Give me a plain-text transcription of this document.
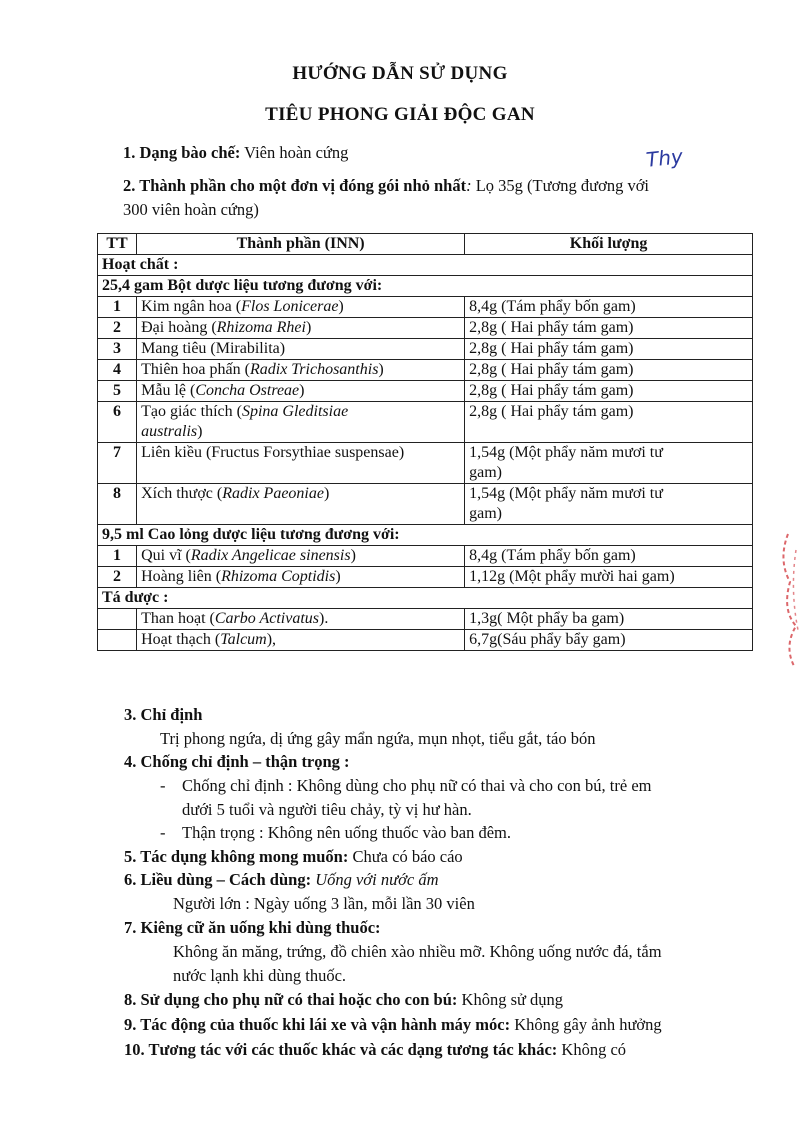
HƯỚNG DẪN SỬ DỤNG
TIÊU PHONG GIẢI ĐỘC GAN
Thy
1. Dạng bào chế: Viên hoàn cứng
2. Thành phần cho một đơn vị đóng gói nhỏ nhất: Lọ 35g (Tương đương với
300 viên hoàn cứng)
TT	Thành phần (INN)	Khối lượng
Hoạt chất :		
25,4 gam Bột dược liệu tương đương với:		
1	Kim ngân hoa (Flos Lonicerae)	8,4g (Tám phẩy bốn gam)
2	Đại hoàng (Rhizoma Rhei)	2,8g ( Hai phẩy tám gam)
3	Mang tiêu (Mirabilita)	2,8g ( Hai phẩy tám gam)
4	Thiên hoa phấn (Radix Trichosanthis)	2,8g ( Hai phẩy tám gam)
5	Mẫu lệ (Concha Ostreae)	2,8g ( Hai phẩy tám gam)
6	Tạo giác thích (Spina Gleditsiae
australis)	2,8g ( Hai phẩy tám gam)
7	Liên kiều (Fructus Forsythiae suspensae)	1,54g (Một phẩy năm mươi tư
gam)
8	Xích thược (Radix Paeoniae)	1,54g (Một phẩy năm mươi tư
gam)
9,5 ml Cao lỏng dược liệu tương đương với:		
1	Qui vĩ (Radix Angelicae sinensis)	8,4g (Tám phẩy bốn gam)
2	Hoàng liên (Rhizoma Coptidis)	1,12g (Một phẩy mười hai gam)
Tá dược :		
	Than hoạt (Carbo Activatus).	1,3g( Một phẩy ba gam)
	Hoạt thạch (Talcum),	6,7g(Sáu phẩy bẩy gam)
3. Chỉ định
Trị phong ngứa, dị ứng gây mẩn ngứa, mụn nhọt, tiểu gắt, táo bón
4. Chống chỉ định – thận trọng :
- Chống chỉ định : Không dùng cho phụ nữ có thai và cho con bú, trẻ em
dưới 5 tuổi và người tiêu chảy, tỳ vị hư hàn.
- Thận trọng : Không nên uống thuốc vào ban đêm.
5. Tác dụng không mong muốn: Chưa có báo cáo
6. Liều dùng – Cách dùng: Uống với nước ấm
Người lớn : Ngày uống 3 lần, mỗi lần 30 viên
7. Kiêng cữ ăn uống khi dùng thuốc:
Không ăn măng, trứng, đồ chiên xào nhiều mỡ. Không uống nước đá, tắm
nước lạnh khi dùng thuốc.
8. Sử dụng cho phụ nữ có thai hoặc cho con bú: Không sử dụng
9. Tác động của thuốc khi lái xe và vận hành máy móc: Không gây ảnh hưởng
10. Tương tác với các thuốc khác và các dạng tương tác khác: Không có
